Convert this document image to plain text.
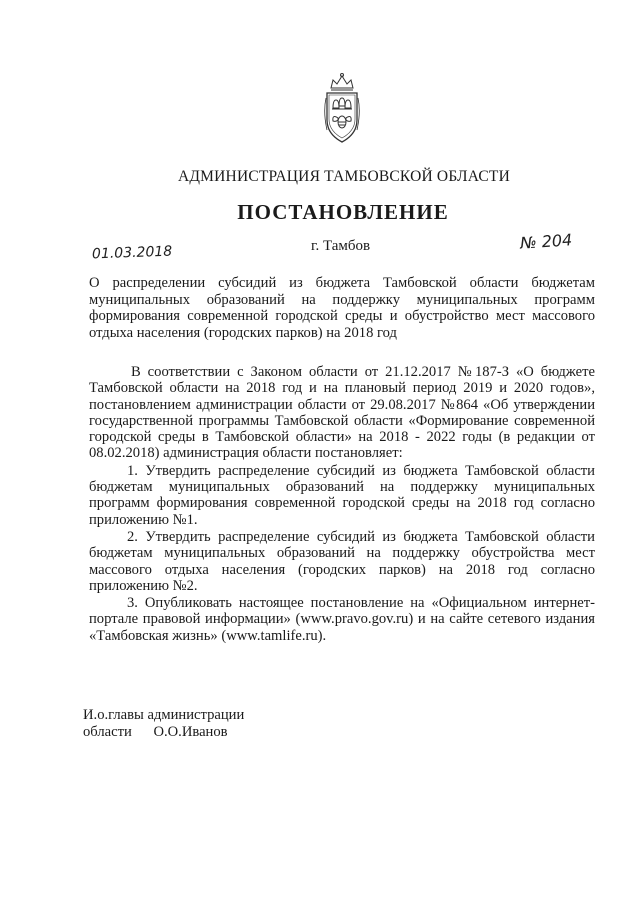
АДМИНИСТРАЦИЯ ТАМБОВСКОЙ ОБЛАСТИ
ПОСТАНОВЛЕНИЕ
01.03.2018	г. Тамбов	№ 204
О распределении субсидий из бюджета Тамбовской области бюджетам муниципальных образований на поддержку муниципальных программ формирования современной городской среды и обустройство мест массового отдыха населения (городских парков) на 2018 год

В соответствии с Законом области от 21.12.2017 №187-З «О бюджете Тамбовской области на 2018 год и на плановый период 2019 и 2020 годов», постановлением администрации области от 29.08.2017 №864 «Об утверждении государственной программы Тамбовской области «Формирование современной городской среды в Тамбовской области» на 2018 - 2022 годы (в редакции от 08.02.2018) администрация области постановляет:

1. Утвердить распределение субсидий из бюджета Тамбовской области бюджетам муниципальных образований на поддержку муниципальных программ формирования современной городской среды на 2018 год согласно приложению №1.

2. Утвердить распределение субсидий из бюджета Тамбовской области бюджетам муниципальных образований на поддержку обустройства мест массового отдыха населения (городских парков) на 2018 год согласно приложению №2.

3. Опубликовать настоящее постановление на «Официальном интернет-портале правовой информации» (www.pravo.gov.ru) и на сайте сетевого издания «Тамбовская жизнь» (www.tamlife.ru).

И.о.главы администрации
области О.О.Иванов
